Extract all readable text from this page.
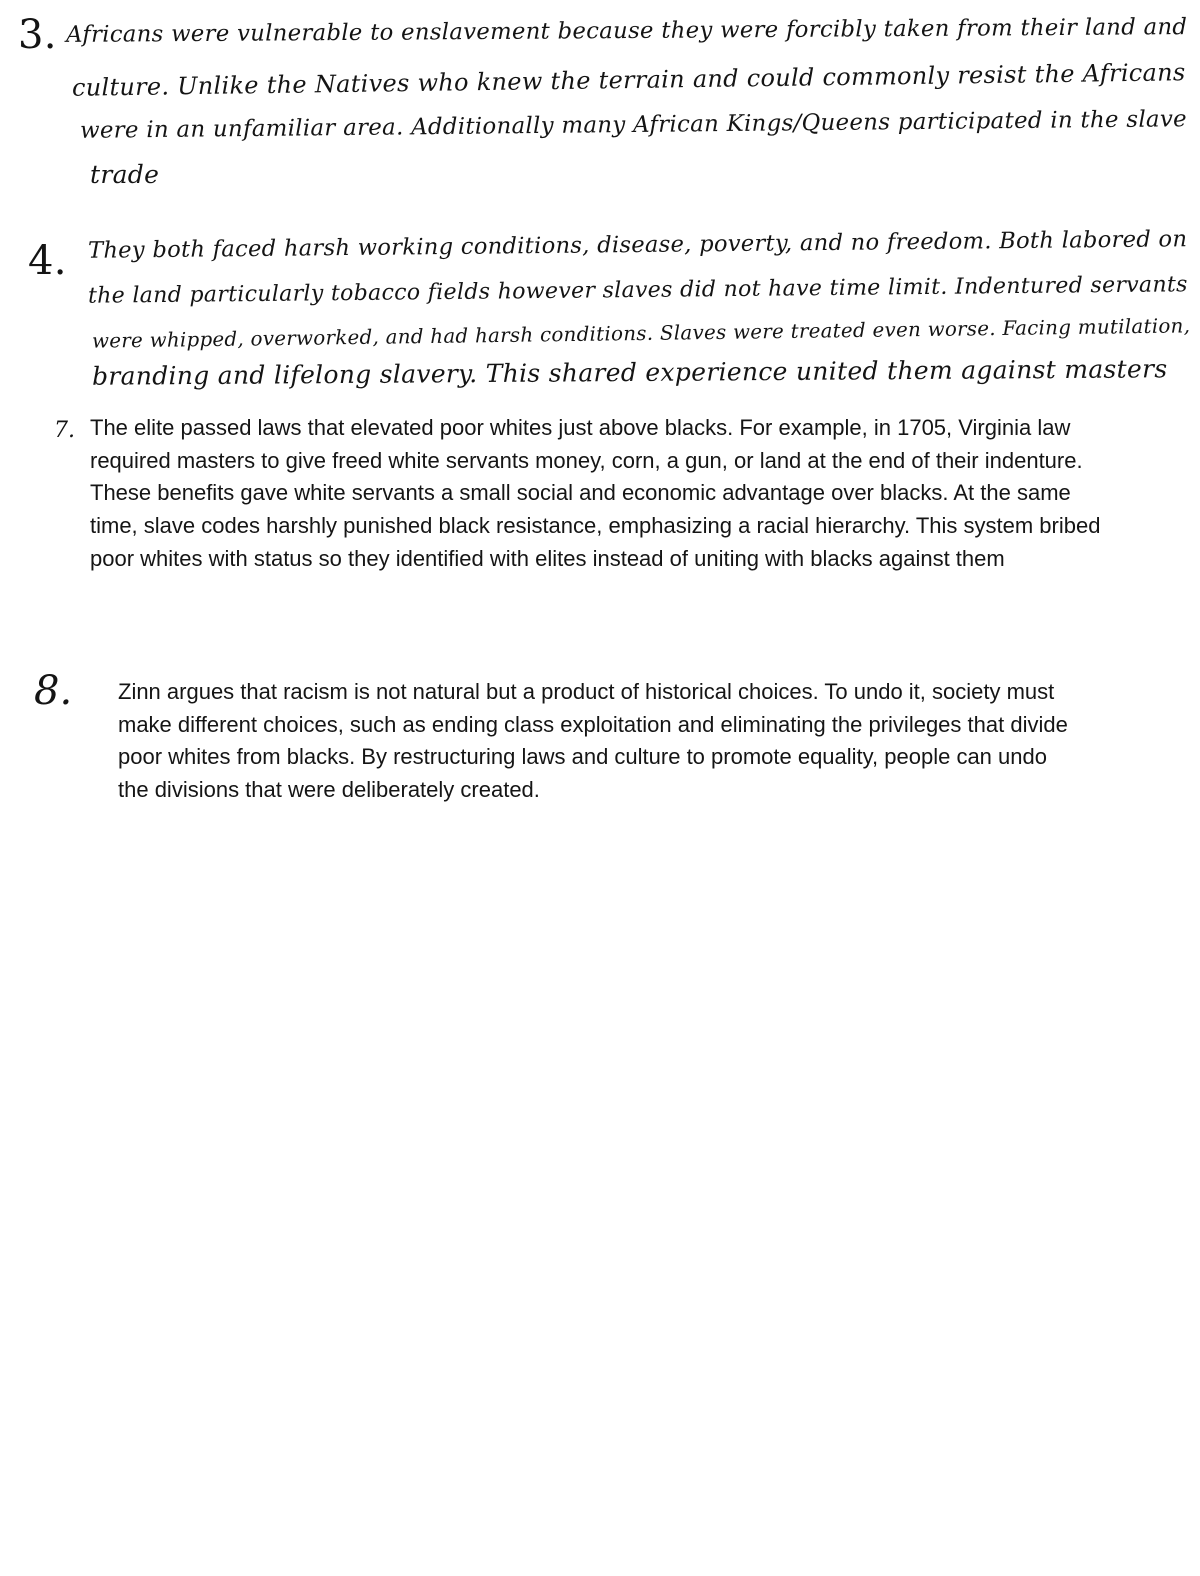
3. Africans were vulnerable to enslavement because they were forcibly taken from their land and
culture. Unlike the Natives who knew the terrain and could commonly resist the Africans
were in an unfamiliar area. Additionally many African Kings/Queens participated in the slave
trade
4. They both faced harsh working conditions, disease, poverty, and no freedom. Both labored on
the land particularly tobacco fields however slaves did not have time limit. Indentured servants
were whipped, overworked, and had harsh conditions. Slaves were treated even worse. Facing mutilation,
branding and lifelong slavery. This shared experience united them against masters
7. The elite passed laws that elevated poor whites just above blacks. For example, in 1705, Virginia law required masters to give freed white servants money, corn, a gun, or land at the end of their indenture. These benefits gave white servants a small social and economic advantage over blacks. At the same time, slave codes harshly punished black resistance, emphasizing a racial hierarchy. This system bribed poor whites with status so they identified with elites instead of uniting with blacks against them

8. Zinn argues that racism is not natural but a product of historical choices. To undo it, society must make different choices, such as ending class exploitation and eliminating the privileges that divide poor whites from blacks. By restructuring laws and culture to promote equality, people can undo the divisions that were deliberately created.
